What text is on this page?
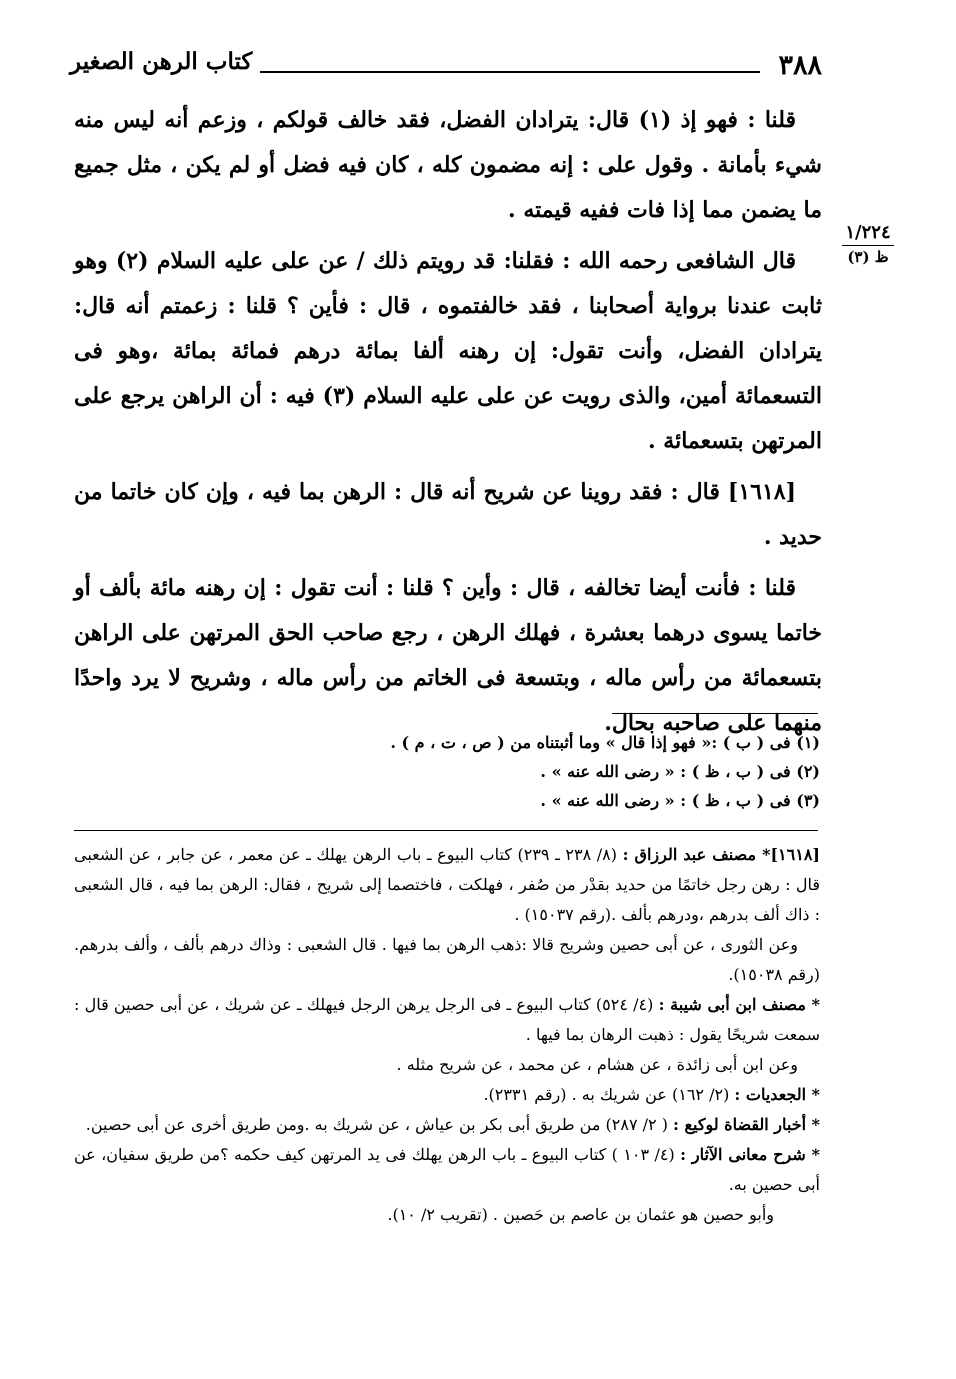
٣٨٨
كتاب الرهن الصغير
١/٢٢٤
ظ (٣)

قلنا : فهو إذ (١) قال: يترادان الفضل، فقد خالف قولكم ، وزعم أنه ليس منه شيء بأمانة . وقول على : إنه مضمون كله ، كان فيه فضل أو لم يكن ، مثل جميع ما يضمن مما إذا فات ففيه قيمته .

قال الشافعى رحمه الله : فقلنا: قد رويتم ذلك / عن على عليه السلام (٢) وهو ثابت عندنا برواية أصحابنا ، فقد خالفتموه ، قال : فأين ؟ قلنا : زعمتم أنه قال: يترادان الفضل، وأنت تقول: إن رهنه ألفا بمائة درهم فمائة بمائة ،وهو فى التسعمائة أمين، والذى رويت عن على عليه السلام (٣) فيه : أن الراهن يرجع على المرتهن بتسعمائة .

[١٦١٨] قال : فقد روينا عن شريح أنه قال : الرهن بما فيه ، وإن كان خاتما من حديد .

قلنا : فأنت أيضا تخالفه ، قال : وأين ؟ قلنا : أنت تقول : إن رهنه مائة بألف أو خاتما يسوى درهما بعشرة ، فهلك الرهن ، رجع صاحب الحق المرتهن على الراهن بتسعمائة من رأس ماله ، وبتسعة فى الخاتم من رأس ماله ، وشريح لا يرد واحدًا منهما على صاحبه بحال.

(١) فى ( ب ) :« فهو إذا قال » وما أثبتناه من ( ص ، ت ، م ) .
(٢) فى ( ب ، ظ ) : « رضى الله عنه » .
(٣) فى ( ب ، ظ ) : « رضى الله عنه » .

[١٦١٨]* مصنف عبد الرزاق : (٨/ ٢٣٨ ـ ٢٣٩) كتاب البيوع ـ باب الرهن يهلك ـ عن معمر ، عن جابر ، عن الشعبى قال : رهن رجل خاتمًا من حديد بقدْر من صُفر ، فهلكت ، فاختصما إلى شريح ، فقال: الرهن بما فيه ، قال الشعبى : ذاك ألف بدرهم ،ودرهم بألف .(رقم ١٥٠٣٧) .

وعن الثورى ، عن أبى حصين وشريح قالا :ذهب الرهن بما فيها . قال الشعبى : وذاك درهم بألف ، وألف بدرهم. (رقم ١٥٠٣٨).

* مصنف ابن أبى شيبة : (٤/ ٥٢٤) كتاب البيوع ـ فى الرجل يرهن الرجل فيهلك ـ عن شريك ، عن أبى حصين قال : سمعت شريحًا يقول : ذهبت الرهان بما فيها .

وعن ابن أبى زائدة ، عن هشام ، عن محمد ، عن شريح مثله .

* الجعديات : (٢/ ١٦٢) عن شريك به . (رقم ٢٣٣١).

* أخبار القضاة لوكيع : ( ٢/ ٢٨٧) من طريق أبى بكر بن عياش ، عن شريك به .ومن طريق أخرى عن أبى حصين.

* شرح معانى الآثار : (٤/ ١٠٣ ) كتاب البيوع ـ باب الرهن يهلك فى يد المرتهن كيف حكمه ؟من طريق سفيان، عن أبى حصين به.

وأبو حصين هو عثمان بن عاصم بن حَصين . (تقريب ٢/ ١٠).
